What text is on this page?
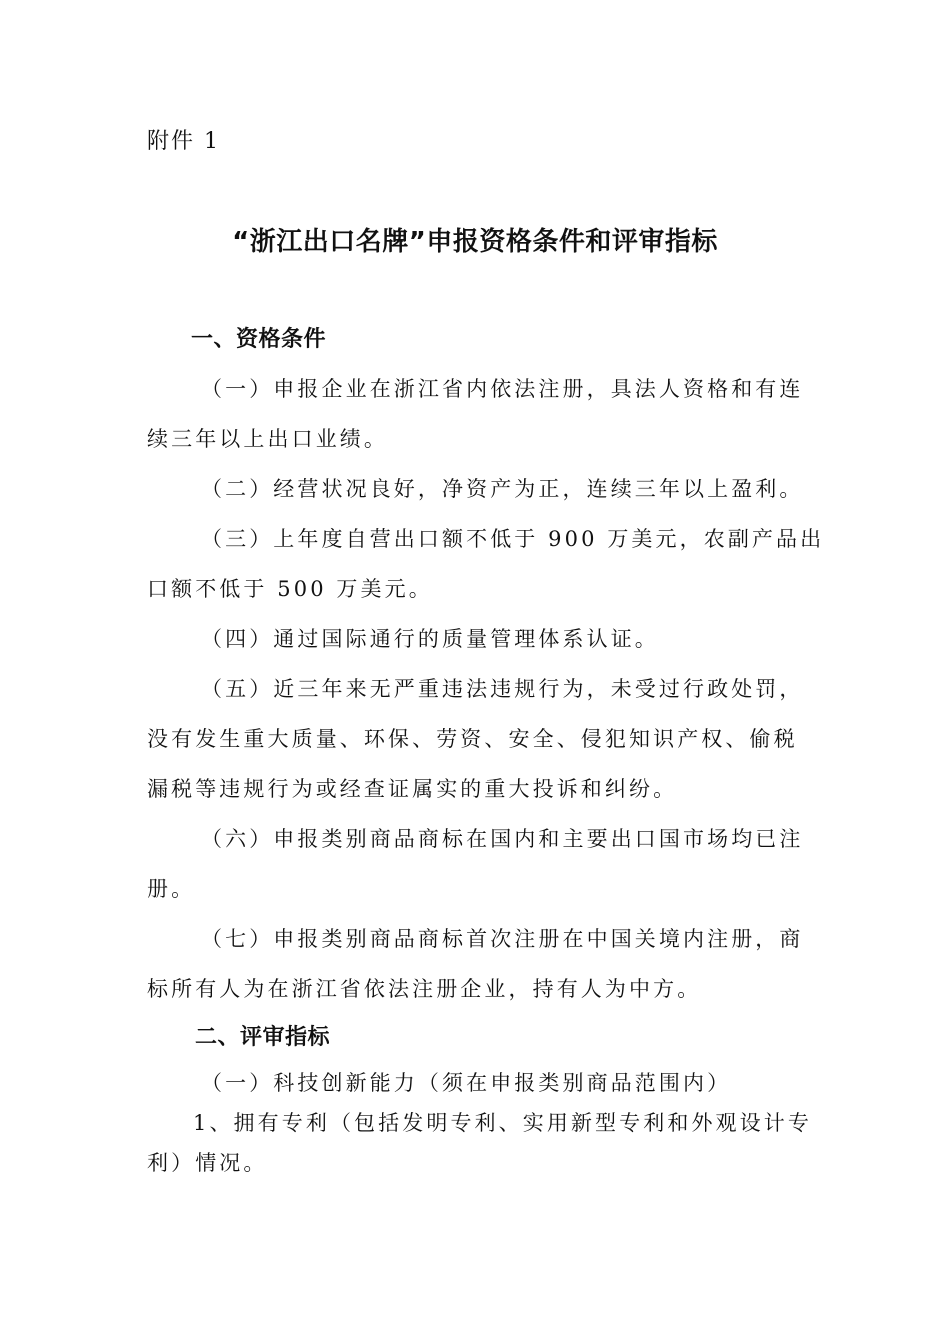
附件 1
“浙江出口名牌”申报资格条件和评审指标
一、资格条件
（一）申报企业在浙江省内依法注册，具法人资格和有连
续三年以上出口业绩。
（二）经营状况良好，净资产为正，连续三年以上盈利。
（三）上年度自营出口额不低于 900 万美元，农副产品出
口额不低于 500 万美元。
（四）通过国际通行的质量管理体系认证。
（五）近三年来无严重违法违规行为，未受过行政处罚，
没有发生重大质量、环保、劳资、安全、侵犯知识产权、偷税
漏税等违规行为或经查证属实的重大投诉和纠纷。
（六）申报类别商品商标在国内和主要出口国市场均已注
册。
（七）申报类别商品商标首次注册在中国关境内注册，商
标所有人为在浙江省依法注册企业，持有人为中方。
二、评审指标
（一）科技创新能力（须在申报类别商品范围内）
1、拥有专利（包括发明专利、实用新型专利和外观设计专
利）情况。
